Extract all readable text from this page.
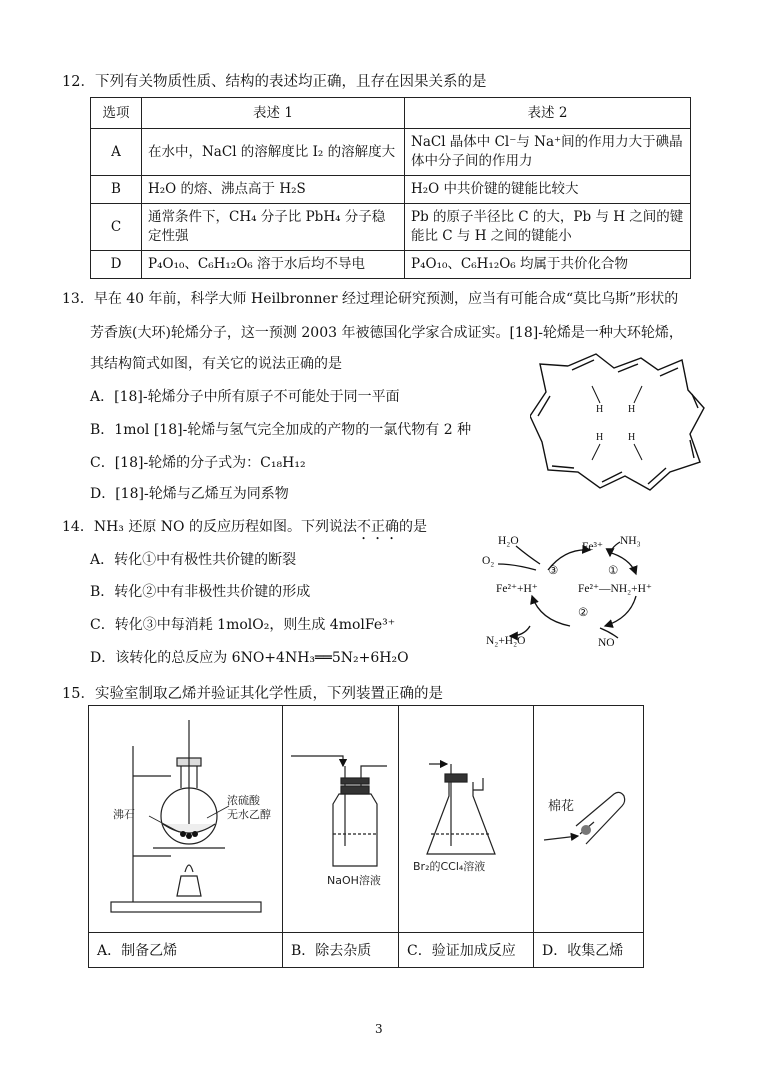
12．下列有关物质性质、结构的表述均正确，且存在因果关系的是
选项	表述 1	表述 2
A	在水中，NaCl 的溶解度比 I₂ 的溶解度大	NaCl 晶体中 Cl⁻与 Na⁺间的作用力大于碘晶体中分子间的作用力
B	H₂O 的熔、沸点高于 H₂S	H₂O 中共价键的键能比较大
C	通常条件下，CH₄ 分子比 PbH₄ 分子稳定性强	Pb 的原子半径比 C 的大，Pb 与 H 之间的键能比 C 与 H 之间的键能小
D	P₄O₁₀、C₆H₁₂O₆ 溶于水后均不导电	P₄O₁₀、C₆H₁₂O₆ 均属于共价化合物
13．早在 40 年前，科学大师 Heilbronner 经过理论研究预测，应当有可能合成“莫比乌斯”形状的
芳香族(大环)轮烯分子，这一预测 2003 年被德国化学家合成证实。[18]-轮烯是一种大环轮烯，
其结构简式如图，有关它的说法正确的是
A．[18]-轮烯分子中所有原子不可能处于同一平面
B．1mol [18]-轮烯与氢气完全加成的产物的一氯代物有 2 种
C．[18]-轮烯的分子式为：C₁₈H₁₂
D．[18]-轮烯与乙烯互为同系物
H H
H H
14．NH₃ 还原 NO 的反应历程如图。下列说法不正确的是
A．转化①中有极性共价键的断裂
B．转化②中有非极性共价键的形成
C．转化③中每消耗 1molO₂，则生成 4molFe³⁺
D．该转化的总反应为 6NO+4NH₃══5N₂+6H₂O
H₂O
O₂
Fe³⁺ NH₃
③	①
②
Fe²⁺+H⁺	Fe²⁺—NH₂+H⁺
N₂+H₂O	NO
15．实验室制取乙烯并验证其化学性质，下列装置正确的是
沸石
浓硫酸
无水乙醇	NaOH溶液	Br₂的CCl₄溶液	棉花

A．制备乙烯	B．除去杂质	C．验证加成反应	D．收集乙烯
3
